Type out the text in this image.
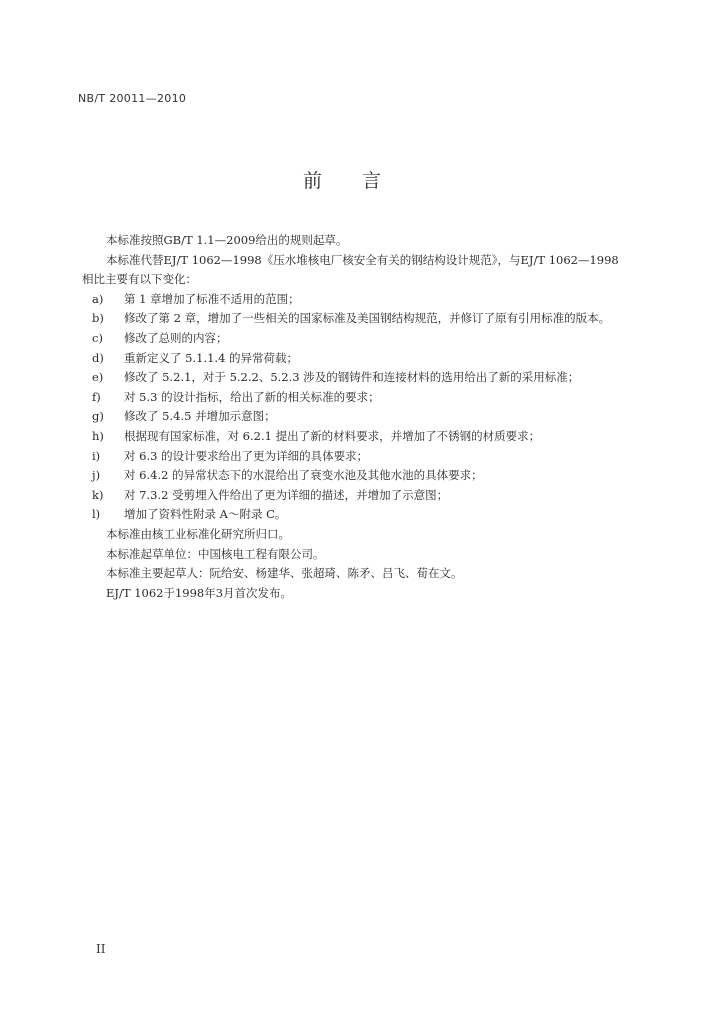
NB/T 20011—2010
前言

本标准按照GB/T 1.1—2009给出的规则起草。

本标准代替EJ/T 1062—1998《压水堆核电厂核安全有关的钢结构设计规范》，与EJ/T 1062—1998

相比主要有以下变化：

a)	第 1 章增加了标准不适用的范围；
b)	修改了第 2 章，增加了一些相关的国家标准及美国钢结构规范，并修订了原有引用标准的版本。
c)	修改了总则的内容；
d)	重新定义了 5.1.1.4 的异常荷载；
e)	修改了 5.2.1，对于 5.2.2、5.2.3 涉及的钢铸件和连接材料的选用给出了新的采用标准；
f)	对 5.3 的设计指标，给出了新的相关标准的要求；
g)	修改了 5.4.5 并增加示意图；
h)	根据现有国家标准，对 6.2.1 提出了新的材料要求，并增加了不锈钢的材质要求；
i)	对 6.3 的设计要求给出了更为详细的具体要求；
j)	对 6.4.2 的异常状态下的水混给出了衰变水池及其他水池的具体要求；
k)	对 7.3.2 受剪埋入件给出了更为详细的描述，并增加了示意图；
l)	增加了资料性附录 A～附录 C。

本标准由核工业标准化研究所归口。

本标准起草单位：中国核电工程有限公司。

本标准主要起草人：阮给安、杨建华、张超琦、陈矛、吕飞、荀在文。

EJ/T 1062于1998年3月首次发布。

II
